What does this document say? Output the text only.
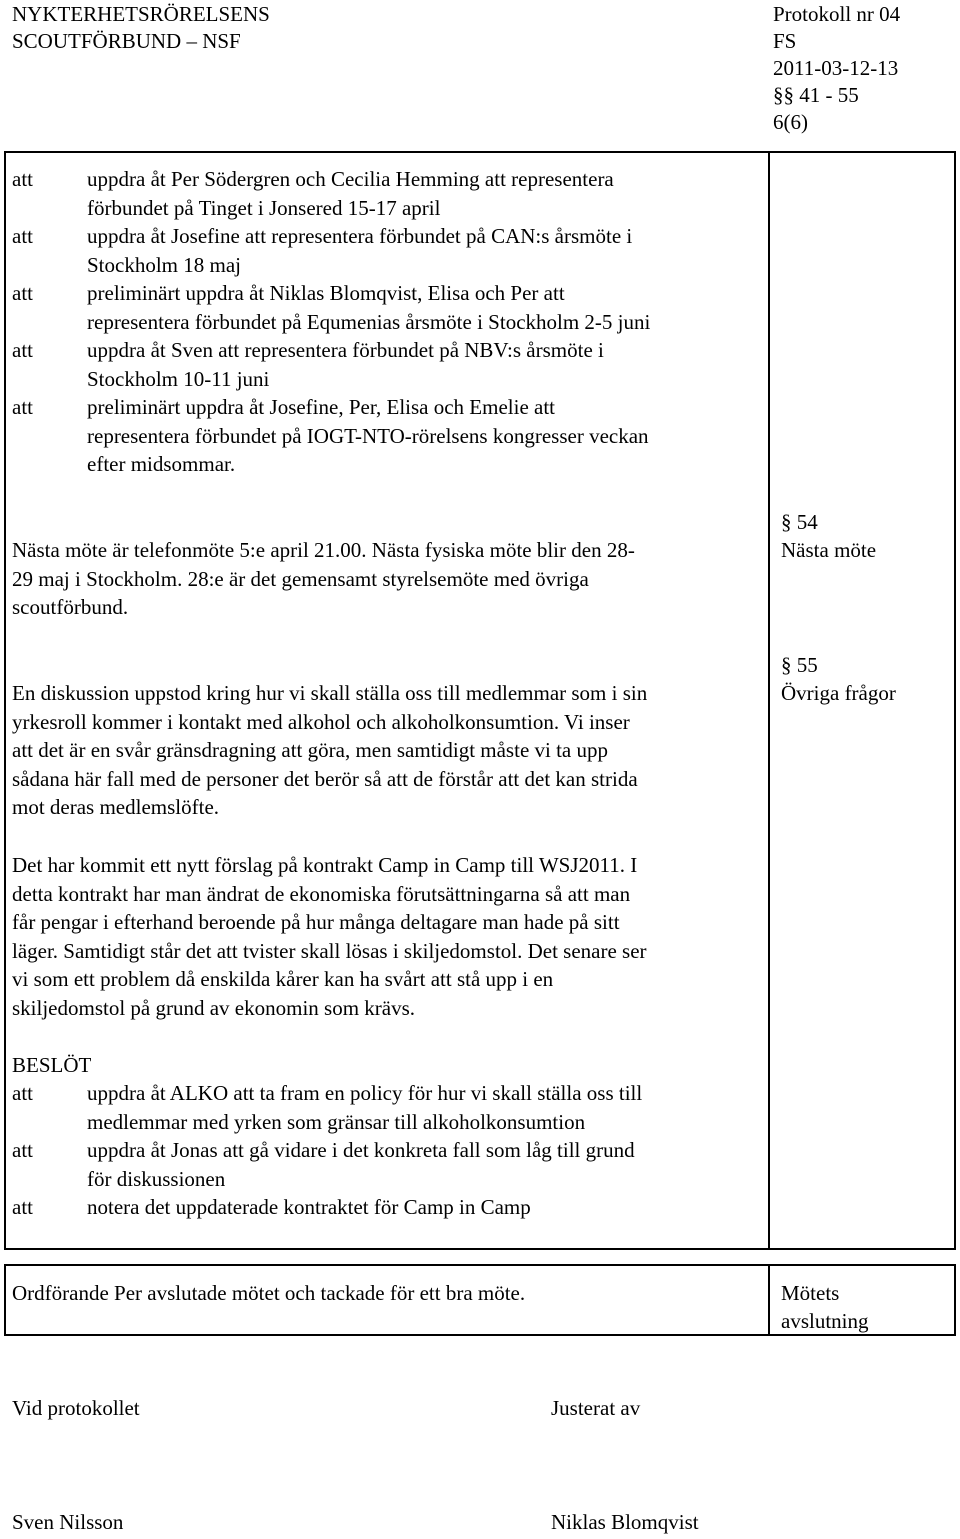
NYKTERHETSRÖRELSENS
SCOUTFÖRBUND – NSF
Protokoll nr 04
FS
2011-03-12-13
§§ 41 - 55
6(6)
att	uppdra åt Per Södergren och Cecilia Hemming att representera
förbundet på Tinget i Jonsered 15-17 april
att	uppdra åt Josefine att representera förbundet på CAN:s årsmöte i
Stockholm 18 maj
att	preliminärt uppdra åt Niklas Blomqvist, Elisa och Per att
representera förbundet på Equmenias årsmöte i Stockholm 2-5 juni
att	uppdra åt Sven att representera förbundet på NBV:s årsmöte i
Stockholm 10-11 juni
att	preliminärt uppdra åt Josefine, Per, Elisa och Emelie att
representera förbundet på IOGT-NTO-rörelsens kongresser veckan
efter midsommar.
Nästa möte är telefonmöte 5:e april 21.00. Nästa fysiska möte blir den 28-
29 maj i Stockholm. 28:e är det gemensamt styrelsemöte med övriga
scoutförbund.
§ 54
Nästa möte
§ 55
Övriga frågor
En diskussion uppstod kring hur vi skall ställa oss till medlemmar som i sin
yrkesroll kommer i kontakt med alkohol och alkoholkonsumtion. Vi inser
att det är en svår gränsdragning att göra, men samtidigt måste vi ta upp
sådana här fall med de personer det berör så att de förstår att det kan strida
mot deras medlemslöfte.
Det har kommit ett nytt förslag på kontrakt Camp in Camp till WSJ2011. I
detta kontrakt har man ändrat de ekonomiska förutsättningarna så att man
får pengar i efterhand beroende på hur många deltagare man hade på sitt
läger. Samtidigt står det att tvister skall lösas i skiljedomstol. Det senare ser
vi som ett problem då enskilda kårer kan ha svårt att stå upp i en
skiljedomstol på grund av ekonomin som krävs.
BESLÖT
att	uppdra åt ALKO att ta fram en policy för hur vi skall ställa oss till
medlemmar med yrken som gränsar till alkoholkonsumtion
att	uppdra åt Jonas att gå vidare i det konkreta fall som låg till grund
för diskussionen
att	notera det uppdaterade kontraktet för Camp in Camp
Ordförande Per avslutade mötet och tackade för ett bra möte.	Mötets
avslutning
Vid protokollet	Justerat av
Sven Nilsson	Niklas Blomqvist
